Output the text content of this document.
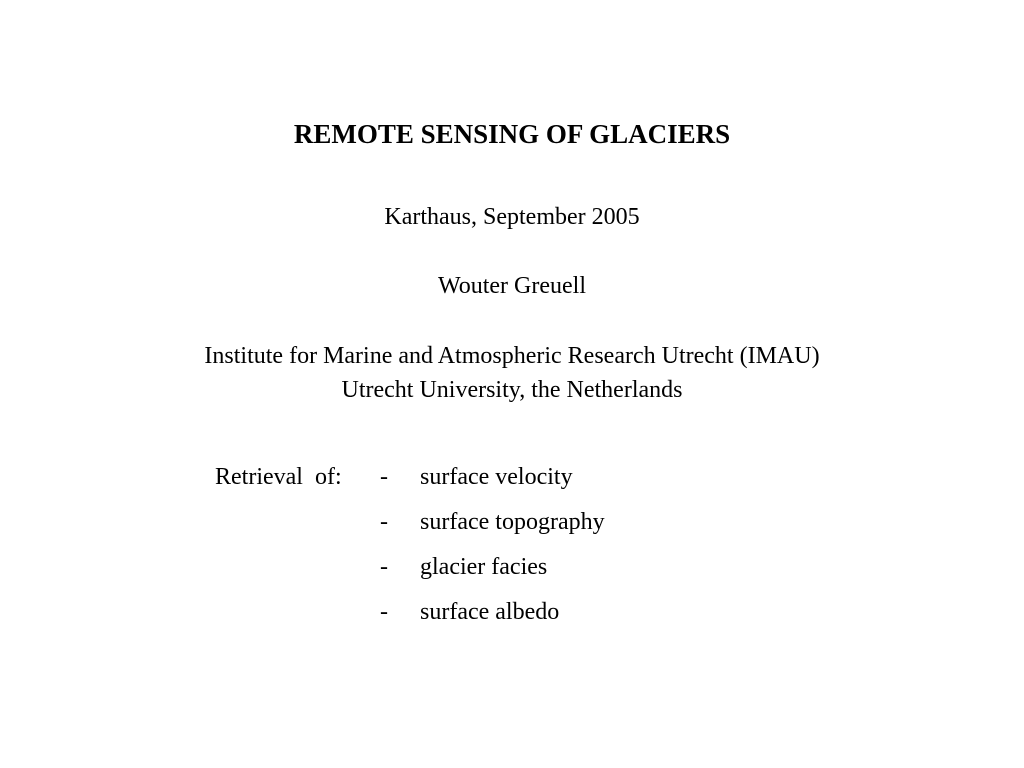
REMOTE SENSING OF GLACIERS
Karthaus, September 2005
Wouter Greuell
Institute for Marine and Atmospheric Research Utrecht (IMAU)
Utrecht University, the Netherlands
Retrieval  of: - surface velocity
- surface topography
- glacier facies
- surface albedo
